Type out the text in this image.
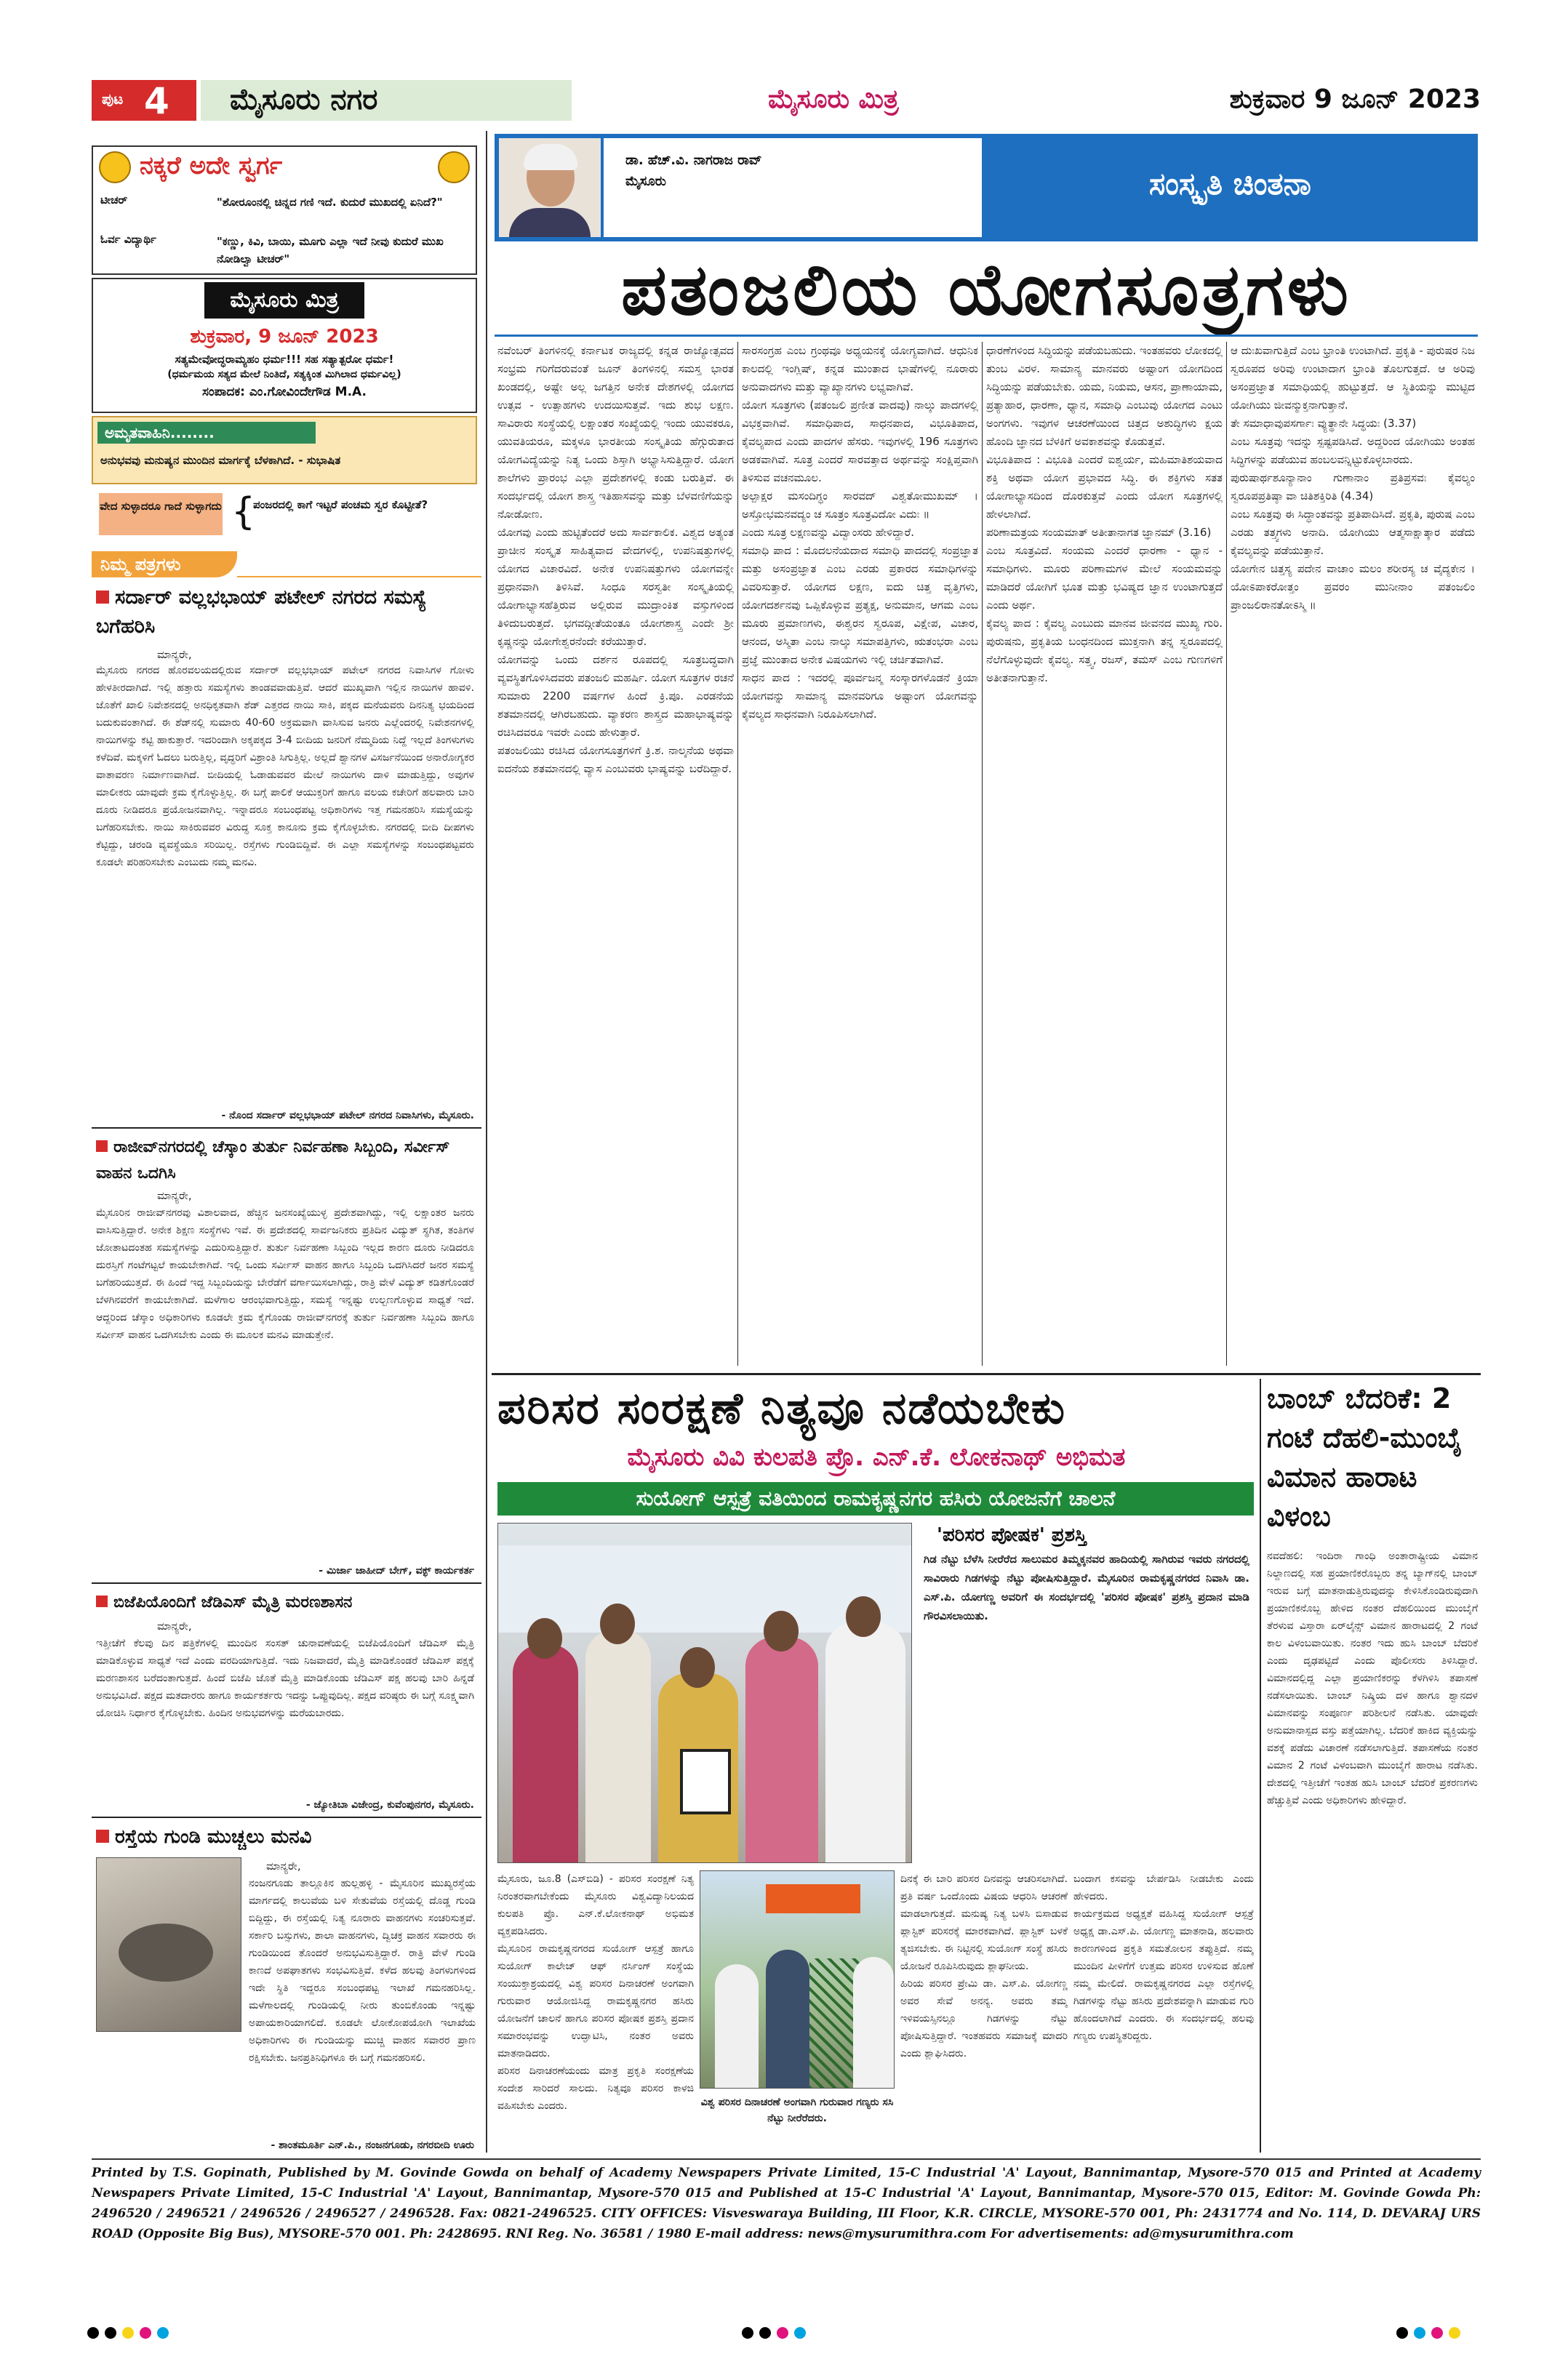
ಪುಟ 4 ಮೈಸೂರು ನಗರ	ಮೈಸೂರು ಮಿತ್ರ	ಶುಕ್ರವಾರ 9 ಜೂನ್ 2023
ನಕ್ಕರೆ ಅದೇ ಸ್ವರ್ಗ
ಟೀಚರ್	"ಶೋರೂಂನಲ್ಲಿ ಚಿನ್ನದ ಗಣಿ ಇದೆ. ಕುದುರೆ ಮುಖದಲ್ಲಿ ಏನಿದೆ?"
ಓರ್ವ ವಿದ್ಯಾರ್ಥಿ	"ಕಣ್ಣು, ಕಿವಿ, ಬಾಯಿ, ಮೂಗು ಎಲ್ಲಾ ಇದೆ ನೀವು ಕುದುರೆ ಮುಖ ನೋಡಿಲ್ವಾ ಟೀಚರ್"
ಮೈಸೂರು ಮಿತ್ರ
ಶುಕ್ರವಾರ, 9 ಜೂನ್ 2023
ಸತ್ಯಮೇವೋದ್ಧರಾಮ್ಯಹಂ ಧರ್ಮ!!! ಸಹ ಸತ್ಯಾತ್ಪರೋ ಧರ್ಮ!
(ಧರ್ಮಮಯ ಸತ್ಯದ ಮೇಲೆ ನಿಂತಿದೆ, ಸತ್ಯಕ್ಕಿಂತ ಮಿಗಿಲಾದ ಧರ್ಮವಿಲ್ಲ)
ಸಂಪಾದಕ: ಎಂ.ಗೋವಿಂದೇಗೌಡ M.A.
ಅಮೃತವಾಹಿನಿ........
ಅನುಭವವು ಮನುಷ್ಯನ ಮುಂದಿನ ಮಾರ್ಗಕ್ಕೆ ಬೆಳಕಾಗಿದೆ. - ಸುಭಾಷಿತ
ವೇದ ಸುಳ್ಳಾದರೂ ಗಾದೆ ಸುಳ್ಳಾಗದು {
ಪಂಜರದಲ್ಲಿ ಕಾಗೆ ಇಟ್ಟರೆ ಪಂಚಮ ಸ್ವರ ಕೊಟ್ಟೀತೆ?
ನಿಮ್ಮ ಪತ್ರಗಳು
ಸರ್ದಾರ್ ವಲ್ಲಭಭಾಯ್ ಪಟೇಲ್ ನಗರದ ಸಮಸ್ಯೆ ಬಗೆಹರಿಸಿ
ಮಾನ್ಯರೇ,
ಮೈಸೂರು ನಗರದ ಹೊರವಲಯದಲ್ಲಿರುವ ಸರ್ದಾರ್ ವಲ್ಲಭಭಾಯ್ ಪಟೇಲ್ ನಗರದ ನಿವಾಸಿಗಳ ಗೋಳು ಹೇಳತೀರದಾಗಿದೆ. ಇಲ್ಲಿ ಹತ್ತಾರು ಸಮಸ್ಯೆಗಳು ತಾಂಡವವಾಡುತ್ತಿವೆ. ಆದರೆ ಮುಖ್ಯವಾಗಿ ಇಲ್ಲಿನ ನಾಯಿಗಳ ಹಾವಳಿ. ಜೊತೆಗೆ ಖಾಲಿ ನಿವೇಶನದಲ್ಲಿ ಅನಧಿಕೃತವಾಗಿ ಶೆಡ್ ಎತ್ತರದ ನಾಯಿ ಸಾಕಿ, ಪಕ್ಕದ ಮನೆಯವರು ದಿನನಿತ್ಯ ಭಯದಿಂದ ಬದುಕುವಂತಾಗಿದೆ. ಈ ಶೆಡ್‌ನಲ್ಲಿ ಸುಮಾರು 40-60 ಅಕ್ರಮವಾಗಿ ವಾಸಿಸುವ ಜನರು ಎಲ್ಲೆಂದರಲ್ಲಿ ನಿವೇಶನಗಳಲ್ಲಿ ನಾಯಿಗಳನ್ನು ಕಟ್ಟಿ ಹಾಕುತ್ತಾರೆ. ಇದರಿಂದಾಗಿ ಅಕ್ಕಪಕ್ಕದ 3-4 ಬೀದಿಯ ಜನರಿಗೆ ನೆಮ್ಮದಿಯ ನಿದ್ದೆ ಇಲ್ಲದೆ ತಿಂಗಳುಗಳು ಕಳೆದಿವೆ. ಮಕ್ಕಳಿಗೆ ಓದಲು ಬರುತ್ತಿಲ್ಲ, ವೃದ್ಧರಿಗೆ ವಿಶ್ರಾಂತಿ ಸಿಗುತ್ತಿಲ್ಲ. ಅಲ್ಲದೆ ಶ್ವಾನಗಳ ವಿಸರ್ಜನೆಯಿಂದ ಅನಾರೋಗ್ಯಕರ ವಾತಾವರಣ ನಿರ್ಮಾಣವಾಗಿದೆ. ಬೀದಿಯಲ್ಲಿ ಓಡಾಡುವವರ ಮೇಲೆ ನಾಯಿಗಳು ದಾಳಿ ಮಾಡುತ್ತಿದ್ದು, ಅವುಗಳ ಮಾಲೀಕರು ಯಾವುದೇ ಕ್ರಮ ಕೈಗೊಳ್ಳುತ್ತಿಲ್ಲ. ಈ ಬಗ್ಗೆ ಪಾಲಿಕೆ ಆಯುಕ್ತರಿಗೆ ಹಾಗೂ ವಲಯ ಕಚೇರಿಗೆ ಹಲವಾರು ಬಾರಿ ದೂರು ನೀಡಿದರೂ ಪ್ರಯೋಜನವಾಗಿಲ್ಲ. ಇನ್ನಾದರೂ ಸಂಬಂಧಪಟ್ಟ ಅಧಿಕಾರಿಗಳು ಇತ್ತ ಗಮನಹರಿಸಿ ಸಮಸ್ಯೆಯನ್ನು ಬಗೆಹರಿಸಬೇಕು. ನಾಯಿ ಸಾಕಿರುವವರ ವಿರುದ್ಧ ಸೂಕ್ತ ಕಾನೂನು ಕ್ರಮ ಕೈಗೊಳ್ಳಬೇಕು. ನಗರದಲ್ಲಿ ಬೀದಿ ದೀಪಗಳು ಕೆಟ್ಟಿದ್ದು, ಚರಂಡಿ ವ್ಯವಸ್ಥೆಯೂ ಸರಿಯಿಲ್ಲ. ರಸ್ತೆಗಳು ಗುಂಡಿಬಿದ್ದಿವೆ. ಈ ಎಲ್ಲಾ ಸಮಸ್ಯೆಗಳನ್ನು ಸಂಬಂಧಪಟ್ಟವರು ಕೂಡಲೇ ಪರಿಹರಿಸಬೇಕು ಎಂಬುದು ನಮ್ಮ ಮನವಿ.
- ನೊಂದ ಸರ್ದಾರ್ ವಲ್ಲಭಭಾಯ್ ಪಟೇಲ್ ನಗರದ ನಿವಾಸಿಗಳು, ಮೈಸೂರು.
ರಾಜೀವ್‌ನಗರದಲ್ಲಿ ಚೆಸ್ಕಾಂ ತುರ್ತು ನಿರ್ವಹಣಾ ಸಿಬ್ಬಂದಿ, ಸರ್ವೀಸ್ ವಾಹನ ಒದಗಿಸಿ
ಮಾನ್ಯರೇ,
ಮೈಸೂರಿನ ರಾಜೀವ್‌ನಗರವು ವಿಶಾಲವಾದ, ಹೆಚ್ಚಿನ ಜನಸಂಖ್ಯೆಯುಳ್ಳ ಪ್ರದೇಶವಾಗಿದ್ದು, ಇಲ್ಲಿ ಲಕ್ಷಾಂತರ ಜನರು ವಾಸಿಸುತ್ತಿದ್ದಾರೆ. ಅನೇಕ ಶಿಕ್ಷಣ ಸಂಸ್ಥೆಗಳು ಇವೆ. ಈ ಪ್ರದೇಶದಲ್ಲಿ ಸಾರ್ವಜನಿಕರು ಪ್ರತಿದಿನ ವಿದ್ಯುತ್ ಸ್ಥಗಿತ, ತಂತಿಗಳ ಜೋತಾಟದಂತಹ ಸಮಸ್ಯೆಗಳನ್ನು ಎದುರಿಸುತ್ತಿದ್ದಾರೆ. ತುರ್ತು ನಿರ್ವಹಣಾ ಸಿಬ್ಬಂದಿ ಇಲ್ಲದ ಕಾರಣ ದೂರು ನೀಡಿದರೂ ದುರಸ್ತಿಗೆ ಗಂಟೆಗಟ್ಟಲೆ ಕಾಯಬೇಕಾಗಿದೆ. ಇಲ್ಲಿ ಒಂದು ಸರ್ವೀಸ್ ವಾಹನ ಹಾಗೂ ಸಿಬ್ಬಂದಿ ಒದಗಿಸಿದರೆ ಜನರ ಸಮಸ್ಯೆ ಬಗೆಹರಿಯುತ್ತದೆ. ಈ ಹಿಂದೆ ಇದ್ದ ಸಿಬ್ಬಂದಿಯನ್ನು ಬೇರೆಡೆಗೆ ವರ್ಗಾಯಿಸಲಾಗಿದ್ದು, ರಾತ್ರಿ ವೇಳೆ ವಿದ್ಯುತ್ ಕಡಿತಗೊಂಡರೆ ಬೆಳಗಿನವರೆಗೆ ಕಾಯಬೇಕಾಗಿದೆ. ಮಳೆಗಾಲ ಆರಂಭವಾಗುತ್ತಿದ್ದು, ಸಮಸ್ಯೆ ಇನ್ನಷ್ಟು ಉಲ್ಬಣಗೊಳ್ಳುವ ಸಾಧ್ಯತೆ ಇದೆ. ಆದ್ದರಿಂದ ಚೆಸ್ಕಾಂ ಅಧಿಕಾರಿಗಳು ಕೂಡಲೇ ಕ್ರಮ ಕೈಗೊಂಡು ರಾಜೀವ್‌ನಗರಕ್ಕೆ ತುರ್ತು ನಿರ್ವಹಣಾ ಸಿಬ್ಬಂದಿ ಹಾಗೂ ಸರ್ವೀಸ್ ವಾಹನ ಒದಗಿಸಬೇಕು ಎಂದು ಈ ಮೂಲಕ ಮನವಿ ಮಾಡುತ್ತೇನೆ.
- ಮಿರ್ಜಾ ಜಾಹೀದ್ ಬೇಗ್, ವಕ್ಫ್ ಕಾರ್ಯಕರ್ತ
ಬಿಜೆಪಿಯೊಂದಿಗೆ ಜೆಡಿಎಸ್ ಮೈತ್ರಿ ಮರಣಶಾಸನ
ಮಾನ್ಯರೇ,
ಇತ್ತೀಚೆಗೆ ಕೆಲವು ದಿನ ಪತ್ರಿಕೆಗಳಲ್ಲಿ ಮುಂದಿನ ಸಂಸತ್ ಚುನಾವಣೆಯಲ್ಲಿ ಬಿಜೆಪಿಯೊಂದಿಗೆ ಜೆಡಿಎಸ್ ಮೈತ್ರಿ ಮಾಡಿಕೊಳ್ಳುವ ಸಾಧ್ಯತೆ ಇದೆ ಎಂದು ವರದಿಯಾಗುತ್ತಿದೆ. ಇದು ನಿಜವಾದರೆ, ಮೈತ್ರಿ ಮಾಡಿಕೊಂಡರೆ ಜೆಡಿಎಸ್ ಪಕ್ಷಕ್ಕೆ ಮರಣಶಾಸನ ಬರೆದಂತಾಗುತ್ತದೆ. ಹಿಂದೆ ಬಿಜೆಪಿ ಜೊತೆ ಮೈತ್ರಿ ಮಾಡಿಕೊಂಡು ಜೆಡಿಎಸ್ ಪಕ್ಷ ಹಲವು ಬಾರಿ ಹಿನ್ನಡೆ ಅನುಭವಿಸಿದೆ. ಪಕ್ಷದ ಮತದಾರರು ಹಾಗೂ ಕಾರ್ಯಕರ್ತರು ಇದನ್ನು ಒಪ್ಪುವುದಿಲ್ಲ. ಪಕ್ಷದ ವರಿಷ್ಠರು ಈ ಬಗ್ಗೆ ಸೂಕ್ಷ್ಮವಾಗಿ ಯೋಚಿಸಿ ನಿರ್ಧಾರ ಕೈಗೊಳ್ಳಬೇಕು. ಹಿಂದಿನ ಅನುಭವಗಳನ್ನು ಮರೆಯಬಾರದು.
- ಜ್ಯೋತಿಬಾ ವಿಜೇಂದ್ರ, ಕುವೆಂಪುನಗರ, ಮೈಸೂರು.
ರಸ್ತೆಯ ಗುಂಡಿ ಮುಚ್ಚಲು ಮನವಿ
ಮಾನ್ಯರೇ,
ನಂಜನಗೂಡು ತಾಲ್ಲೂಕಿನ ಹುಲ್ಲಹಳ್ಳಿ - ಮೈಸೂರಿನ ಮುಖ್ಯರಸ್ತೆಯ ಮಾರ್ಗದಲ್ಲಿ ಕಾಲುವೆಯ ಬಳಿ ಸೇತುವೆಯ ರಸ್ತೆಯಲ್ಲಿ ದೊಡ್ಡ ಗುಂಡಿ ಬಿದ್ದಿದ್ದು, ಈ ರಸ್ತೆಯಲ್ಲಿ ನಿತ್ಯ ನೂರಾರು ವಾಹನಗಳು ಸಂಚರಿಸುತ್ತವೆ. ಸರ್ಕಾರಿ ಬಸ್ಸುಗಳು, ಶಾಲಾ ವಾಹನಗಳು, ದ್ವಿಚಕ್ರ ವಾಹನ ಸವಾರರು ಈ ಗುಂಡಿಯಿಂದ ತೊಂದರೆ ಅನುಭವಿಸುತ್ತಿದ್ದಾರೆ. ರಾತ್ರಿ ವೇಳೆ ಗುಂಡಿ ಕಾಣದೆ ಅಪಘಾತಗಳು ಸಂಭವಿಸುತ್ತಿವೆ. ಕಳೆದ ಹಲವು ತಿಂಗಳುಗಳಿಂದ ಇದೇ ಸ್ಥಿತಿ ಇದ್ದರೂ ಸಂಬಂಧಪಟ್ಟ ಇಲಾಖೆ ಗಮನಹರಿಸಿಲ್ಲ. ಮಳೆಗಾಲದಲ್ಲಿ ಗುಂಡಿಯಲ್ಲಿ ನೀರು ತುಂಬಿಕೊಂಡು ಇನ್ನಷ್ಟು ಅಪಾಯಕಾರಿಯಾಗಲಿದೆ. ಕೂಡಲೇ ಲೋಕೋಪಯೋಗಿ ಇಲಾಖೆಯ ಅಧಿಕಾರಿಗಳು ಈ ಗುಂಡಿಯನ್ನು ಮುಚ್ಚಿ ವಾಹನ ಸವಾರರ ಪ್ರಾಣ ರಕ್ಷಿಸಬೇಕು. ಜನಪ್ರತಿನಿಧಿಗಳೂ ಈ ಬಗ್ಗೆ ಗಮನಹರಿಸಲಿ.
- ಶಾಂತಮೂರ್ತಿ ಎನ್.ಪಿ., ನಂಜನಗೂಡು, ನಗರಬೀದಿ ಊರು
ಡಾ. ಹೆಚ್.ವಿ. ನಾಗರಾಜ ರಾವ್
ಮೈಸೂರು	ಸಂಸ್ಕೃತಿ ಚಿಂತನಾ
ಪತಂಜಲಿಯ ಯೋಗಸೂತ್ರಗಳು
ನವೆಂಬರ್ ತಿಂಗಳಿನಲ್ಲಿ ಕರ್ನಾಟಕ ರಾಜ್ಯದಲ್ಲಿ ಕನ್ನಡ ರಾಜ್ಯೋತ್ಸವದ ಸಂಭ್ರಮ ಗರಿಗೆದರುವಂತೆ ಜೂನ್ ತಿಂಗಳಿನಲ್ಲಿ ಸಮಸ್ತ ಭಾರತ ಖಂಡದಲ್ಲಿ, ಅಷ್ಟೇ ಅಲ್ಲ ಜಗತ್ತಿನ ಅನೇಕ ದೇಶಗಳಲ್ಲಿ ಯೋಗದ ಉತ್ಸವ - ಉತ್ಸಾಹಗಳು ಉದಯಿಸುತ್ತವೆ. ಇದು ಶುಭ ಲಕ್ಷಣ. ಸಾವಿರಾರು ಸಂಸ್ಥೆಯಲ್ಲಿ ಲಕ್ಷಾಂತರ ಸಂಖ್ಯೆಯಲ್ಲಿ ಇಂದು ಯುವಕರೂ, ಯುವತಿಯರೂ, ಮಕ್ಕಳೂ ಭಾರತೀಯ ಸಂಸ್ಕೃತಿಯ ಹೆಗ್ಗುರುತಾದ ಯೋಗವಿದ್ಯೆಯನ್ನು ನಿತ್ಯ ಒಂದು ಶಿಸ್ತಾಗಿ ಅಭ್ಯಾಸಿಸುತ್ತಿದ್ದಾರೆ. ಯೋಗ ಶಾಲೆಗಳು ಪ್ರಾರಂಭ ಎಲ್ಲಾ ಪ್ರದೇಶಗಳಲ್ಲಿ ಕಂಡು ಬರುತ್ತಿವೆ. ಈ ಸಂದರ್ಭದಲ್ಲಿ ಯೋಗ ಶಾಸ್ತ್ರ ಇತಿಹಾಸವನ್ನು ಮತ್ತು ಬೆಳವಣಿಗೆಯನ್ನು ನೋಡೋಣ.
ಯೋಗವು ಎಂದು ಹುಟ್ಟಿತೆಂದರೆ ಅದು ಸಾರ್ವಕಾಲಿಕ. ವಿಶ್ವದ ಅತ್ಯಂತ ಪ್ರಾಚೀನ ಸಂಸ್ಕೃತ ಸಾಹಿತ್ಯವಾದ ವೇದಗಳಲ್ಲಿ, ಉಪನಿಷತ್ತುಗಳಲ್ಲಿ ಯೋಗದ ವಿಚಾರವಿದೆ. ಅನೇಕ ಉಪನಿಷತ್ತುಗಳು ಯೋಗವನ್ನೇ ಪ್ರಧಾನವಾಗಿ ತಿಳಿಸಿವೆ. ಸಿಂಧೂ ಸರಸ್ವತೀ ಸಂಸ್ಕೃತಿಯಲ್ಲಿ ಯೋಗಾಭ್ಯಾಸಹೆತ್ತಿರುವ ಅಲ್ಲಿರುವ ಮುದ್ರಾಂಕಿತ ವಸ್ತುಗಳಿಂದ ತಿಳಿದುಬರುತ್ತದೆ. ಭಗವದ್ಗೀತೆಯಂತೂ ಯೋಗಶಾಸ್ತ್ರ ಎಂದೇ ಶ್ರೀ ಕೃಷ್ಣನನ್ನು ಯೋಗೇಶ್ವರನೆಂದೇ ಕರೆಯುತ್ತಾರೆ.
ಯೋಗವನ್ನು ಒಂದು ದರ್ಶನ ರೂಪದಲ್ಲಿ ಸೂತ್ರಬದ್ಧವಾಗಿ ವ್ಯವಸ್ಥಿತಗೊಳಿಸಿದವರು ಪತಂಜಲಿ ಮಹರ್ಷಿ. ಯೋಗ ಸೂತ್ರಗಳ ರಚನೆ ಸುಮಾರು 2200 ವರ್ಷಗಳ ಹಿಂದೆ ಕ್ರಿ.ಪೂ. ಎರಡನೆಯ ಶತಮಾನದಲ್ಲಿ ಆಗಿರಬಹುದು. ವ್ಯಾಕರಣ ಶಾಸ್ತ್ರದ ಮಹಾಭಾಷ್ಯವನ್ನು ರಚಿಸಿದವರೂ ಇವರೇ ಎಂದು ಹೇಳುತ್ತಾರೆ.
ಪತಂಜಲಿಯು ರಚಿಸಿದ ಯೋಗಸೂತ್ರಗಳಿಗೆ ಕ್ರಿ.ಶ. ನಾಲ್ಕನೆಯ ಅಥವಾ ಐದನೆಯ ಶತಮಾನದಲ್ಲಿ ವ್ಯಾಸ ಎಂಬುವರು ಭಾಷ್ಯವನ್ನು ಬರೆದಿದ್ದಾರೆ.
ಸಾರಸಂಗ್ರಹ ಎಂಬ ಗ್ರಂಥವೂ ಅಧ್ಯಯನಕ್ಕೆ ಯೋಗ್ಯವಾಗಿದೆ. ಆಧುನಿಕ ಕಾಲದಲ್ಲಿ ಇಂಗ್ಲಿಷ್, ಕನ್ನಡ ಮುಂತಾದ ಭಾಷೆಗಳಲ್ಲಿ ನೂರಾರು ಅನುವಾದಗಳು ಮತ್ತು ವ್ಯಾಖ್ಯಾನಗಳು ಲಭ್ಯವಾಗಿವೆ.
ಯೋಗ ಸೂತ್ರಗಳು (ಪತಂಜಲಿ ಪ್ರಣೀತ ವಾದವು) ನಾಲ್ಕು ಪಾದಗಳಲ್ಲಿ ವಿಭಕ್ತವಾಗಿವೆ. ಸಮಾಧಿಪಾದ, ಸಾಧನಪಾದ, ವಿಭೂತಿಪಾದ, ಕೈವಲ್ಯಪಾದ ಎಂದು ಪಾದಗಳ ಹೆಸರು. ಇವುಗಳಲ್ಲಿ 196 ಸೂತ್ರಗಳು ಅಡಕವಾಗಿವೆ. ಸೂತ್ರ ಎಂದರೆ ಸಾರವತ್ತಾದ ಅರ್ಥವನ್ನು ಸಂಕ್ಷಿಪ್ತವಾಗಿ ತಿಳಿಸುವ ವಚನಮೂಲ.
ಅಲ್ಪಾಕ್ಷರ ಮಸಂದಿಗ್ಧಂ ಸಾರವದ್ ವಿಶ್ವತೋಮುಖಮ್ । ಅಸ್ತೋಭಮನವದ್ಯಂ ಚ ಸೂತ್ರಂ ಸೂತ್ರವಿದೋ ವಿದುಃ ॥
ಎಂದು ಸೂತ್ರ ಲಕ್ಷಣವನ್ನು ವಿದ್ವಾಂಸರು ಹೇಳಿದ್ದಾರೆ.
ಸಮಾಧಿ ಪಾದ : ಮೊದಲನೆಯದಾದ ಸಮಾಧಿ ಪಾದದಲ್ಲಿ ಸಂಪ್ರಜ್ಞಾತ ಮತ್ತು ಅಸಂಪ್ರಜ್ಞಾತ ಎಂಬ ಎರಡು ಪ್ರಕಾರದ ಸಮಾಧಿಗಳನ್ನು ವಿವರಿಸುತ್ತಾರೆ. ಯೋಗದ ಲಕ್ಷಣ, ಐದು ಚಿತ್ತ ವೃತ್ತಿಗಳು, ಯೋಗದರ್ಶನವು ಒಪ್ಪಿಕೊಳ್ಳುವ ಪ್ರತ್ಯಕ್ಷ, ಅನುಮಾನ, ಆಗಮ ಎಂಬ ಮೂರು ಪ್ರಮಾಣಗಳು, ಈಶ್ವರನ ಸ್ವರೂಪ, ವಿಕ್ಷೇಪ, ವಿಚಾರ, ಆನಂದ, ಅಸ್ಮಿತಾ ಎಂಬ ನಾಲ್ಕು ಸಮಾಪತ್ತಿಗಳು, ಋತಂಭರಾ ಎಂಬ ಪ್ರಜ್ಞೆ ಮುಂತಾದ ಅನೇಕ ವಿಷಯಗಳು ಇಲ್ಲಿ ಚರ್ಚಿತವಾಗಿವೆ.
ಸಾಧನ ಪಾದ : ಇದರಲ್ಲಿ ಪೂರ್ವಜನ್ಮ ಸಂಸ್ಕಾರಗಳೊಡನೆ ಕ್ರಿಯಾ ಯೋಗವನ್ನು ಸಾಮಾನ್ಯ ಮಾನವರಿಗೂ ಅಷ್ಟಾಂಗ ಯೋಗವನ್ನು ಕೈವಲ್ಯದ ಸಾಧನವಾಗಿ ನಿರೂಪಿಸಲಾಗಿದೆ.
ಧಾರಣೆಗಳಿಂದ ಸಿದ್ಧಿಯನ್ನು ಪಡೆಯಬಹುದು. ಇಂತಹವರು ಲೋಕದಲ್ಲಿ ತುಂಬ ವಿರಳ. ಸಾಮಾನ್ಯ ಮಾನವರು ಅಷ್ಟಾಂಗ ಯೋಗದಿಂದ ಸಿದ್ಧಿಯನ್ನು ಪಡೆಯಬೇಕು. ಯಮ, ನಿಯಮ, ಆಸನ, ಪ್ರಾಣಾಯಾಮ, ಪ್ರತ್ಯಾಹಾರ, ಧಾರಣಾ, ಧ್ಯಾನ, ಸಮಾಧಿ ಎಂಬುವು ಯೋಗದ ಎಂಟು ಅಂಗಗಳು. ಇವುಗಳ ಆಚರಣೆಯಿಂದ ಚಿತ್ತದ ಅಶುದ್ಧಿಗಳು ಕ್ಷಯ ಹೊಂದಿ ಜ್ಞಾನದ ಬೆಳಕಿಗೆ ಅವಕಾಶವನ್ನು ಕೊಡುತ್ತವೆ.
ವಿಭೂತಿಪಾದ : ವಿಭೂತಿ ಎಂದರೆ ಐಶ್ವರ್ಯ, ಮಹಿಮಾತಿಶಯವಾದ ಶಕ್ತಿ ಅಥವಾ ಯೋಗ ಪ್ರಭಾವದ ಸಿದ್ಧಿ. ಈ ಶಕ್ತಿಗಳು ಸತತ ಯೋಗಾಭ್ಯಾಸದಿಂದ ದೊರಕುತ್ತವೆ ಎಂದು ಯೋಗ ಸೂತ್ರಗಳಲ್ಲಿ ಹೇಳಲಾಗಿದೆ.
ಪರಿಣಾಮತ್ರಯ ಸಂಯಮಾತ್ ಅತೀತಾನಾಗತ ಜ್ಞಾನಮ್ (3.16)
ಎಂಬ ಸೂತ್ರವಿದೆ. ಸಂಯಮ ಎಂದರೆ ಧಾರಣಾ - ಧ್ಯಾನ - ಸಮಾಧಿಗಳು. ಮೂರು ಪರಿಣಾಮಗಳ ಮೇಲೆ ಸಂಯಮವನ್ನು ಮಾಡಿದರೆ ಯೋಗಿಗೆ ಭೂತ ಮತ್ತು ಭವಿಷ್ಯದ ಜ್ಞಾನ ಉಂಟಾಗುತ್ತದೆ ಎಂದು ಅರ್ಥ.
ಕೈವಲ್ಯ ಪಾದ : ಕೈವಲ್ಯ ಎಂಬುದು ಮಾನವ ಜೀವನದ ಮುಖ್ಯ ಗುರಿ. ಪುರುಷನು, ಪ್ರಕೃತಿಯ ಬಂಧನದಿಂದ ಮುಕ್ತನಾಗಿ ತನ್ನ ಸ್ವರೂಪದಲ್ಲಿ ನೆಲೆಗೊಳ್ಳುವುದೇ ಕೈವಲ್ಯ. ಸತ್ತ್ವ, ರಜಸ್, ತಮಸ್ ಎಂಬ ಗುಣಗಳಿಗೆ ಅತೀತನಾಗುತ್ತಾನೆ.
ಆ ದುಃಖವಾಗುತ್ತಿದೆ ಎಂಬ ಭ್ರಾಂತಿ ಉಂಟಾಗಿದೆ. ಪ್ರಕೃತಿ - ಪುರುಷರ ನಿಜ ಸ್ವರೂಪದ ಅರಿವು ಉಂಟಾದಾಗ ಭ್ರಾಂತಿ ತೊಲಗುತ್ತದೆ. ಆ ಅರಿವು ಅಸಂಪ್ರಜ್ಞಾತ ಸಮಾಧಿಯಲ್ಲಿ ಹುಟ್ಟುತ್ತದೆ. ಆ ಸ್ಥಿತಿಯನ್ನು ಮುಟ್ಟಿದ ಯೋಗಿಯು ಜೀವನ್ಮುಕ್ತನಾಗುತ್ತಾನೆ.
ತೇ ಸಮಾಧಾವುಪಸರ್ಗಾಃ ವ್ಯುತ್ಥಾನೇ ಸಿದ್ಧಯಃ (3.37)
ಎಂಬ ಸೂತ್ರವು ಇದನ್ನು ಸ್ಪಷ್ಟಪಡಿಸಿದೆ. ಅದ್ದರಿಂದ ಯೋಗಿಯು ಅಂತಹ ಸಿದ್ಧಿಗಳನ್ನು ಪಡೆಯುವ ಹಂಬಲವನ್ನಿಟ್ಟುಕೊಳ್ಳಬಾರದು.
ಪುರುಷಾರ್ಥಶೂನ್ಯಾನಾಂ ಗುಣಾನಾಂ ಪ್ರತಿಪ್ರಸವಃ ಕೈವಲ್ಯಂ ಸ್ವರೂಪಪ್ರತಿಷ್ಠಾ ವಾ ಚಿತಿಶಕ್ತಿರಿತಿ (4.34)
ಎಂಬ ಸೂತ್ರವು ಈ ಸಿದ್ಧಾಂತವನ್ನು ಪ್ರತಿಪಾದಿಸಿದೆ. ಪ್ರಕೃತಿ, ಪುರುಷ ಎಂಬ ಎರಡು ತತ್ತ್ವಗಳು ಅನಾದಿ. ಯೋಗಿಯು ಆತ್ಮಸಾಕ್ಷಾತ್ಕಾರ ಪಡೆದು ಕೈವಲ್ಯವನ್ನು ಪಡೆಯುತ್ತಾನೆ.
ಯೋಗೇನ ಚಿತ್ತಸ್ಯ ಪದೇನ ವಾಚಾಂ ಮಲಂ ಶರೀರಸ್ಯ ಚ ವೈದ್ಯಕೇನ । ಯೋಽಪಾಕರೋತ್ತಂ ಪ್ರವರಂ ಮುನೀನಾಂ ಪತಂಜಲಿಂ ಪ್ರಾಂಜಲಿರಾನತೋಽಸ್ಮಿ ॥
ಪರಿಸರ ಸಂರಕ್ಷಣೆ ನಿತ್ಯವೂ ನಡೆಯಬೇಕು
ಮೈಸೂರು ವಿವಿ ಕುಲಪತಿ ಪ್ರೊ. ಎನ್.ಕೆ. ಲೋಕನಾಥ್ ಅಭಿಮತ
ಸುಯೋಗ್ ಆಸ್ಪತ್ರೆ ವತಿಯಿಂದ ರಾಮಕೃಷ್ಣನಗರ ಹಸಿರು ಯೋಜನೆಗೆ ಚಾಲನೆ
'ಪರಿಸರ ಪೋಷಕ' ಪ್ರಶಸ್ತಿ
ಗಿಡ ನೆಟ್ಟು ಬೆಳೆಸಿ ನೀರೆರೆದ ಸಾಲುಮರ ತಿಮ್ಮಕ್ಕನವರ ಹಾದಿಯಲ್ಲಿ ಸಾಗಿರುವ ಇವರು ನಗರದಲ್ಲಿ ಸಾವಿರಾರು ಗಿಡಗಳನ್ನು ನೆಟ್ಟು ಪೋಷಿಸುತ್ತಿದ್ದಾರೆ. ಮೈಸೂರಿನ ರಾಮಕೃಷ್ಣನಗರದ ನಿವಾಸಿ ಡಾ. ಎಸ್.ಪಿ. ಯೋಗಣ್ಣ ಅವರಿಗೆ ಈ ಸಂದರ್ಭದಲ್ಲಿ 'ಪರಿಸರ ಪೋಷಕ' ಪ್ರಶಸ್ತಿ ಪ್ರದಾನ ಮಾಡಿ ಗೌರವಿಸಲಾಯಿತು.
ಮೈಸೂರು, ಜೂ.8 (ಎಸ್‌ಬಿಡಿ) - ಪರಿಸರ ಸಂರಕ್ಷಣೆ ನಿತ್ಯ ನಿರಂತರವಾಗಬೇಕೆಂದು ಮೈಸೂರು ವಿಶ್ವವಿದ್ಯಾನಿಲಯದ ಕುಲಪತಿ ಪ್ರೊ. ಎನ್.ಕೆ.ಲೋಕನಾಥ್ ಅಭಿಮತ ವ್ಯಕ್ತಪಡಿಸಿದರು.
ಮೈಸೂರಿನ ರಾಮಕೃಷ್ಣನಗರದ ಸುಯೋಗ್ ಆಸ್ಪತ್ರೆ ಹಾಗೂ ಸುಯೋಗ್ ಕಾಲೇಜ್ ಆಫ್ ನರ್ಸಿಂಗ್ ಸಂಸ್ಥೆಯ ಸಂಯುಕ್ತಾಶ್ರಯದಲ್ಲಿ ವಿಶ್ವ ಪರಿಸರ ದಿನಾಚರಣೆ ಅಂಗವಾಗಿ ಗುರುವಾರ ಆಯೋಜಿಸಿದ್ದ ರಾಮಕೃಷ್ಣನಗರ ಹಸಿರು ಯೋಜನೆಗೆ ಚಾಲನೆ ಹಾಗೂ ಪರಿಸರ ಪೋಷಕ ಪ್ರಶಸ್ತಿ ಪ್ರದಾನ ಸಮಾರಂಭವನ್ನು ಉದ್ಘಾಟಿಸಿ, ನಂತರ ಅವರು ಮಾತನಾಡಿದರು.
ಪರಿಸರ ದಿನಾಚರಣೆಯಂದು ಮಾತ್ರ ಪ್ರಕೃತಿ ಸಂರಕ್ಷಣೆಯ ಸಂದೇಶ ಸಾರಿದರೆ ಸಾಲದು. ನಿತ್ಯವೂ ಪರಿಸರ ಕಾಳಜಿ ವಹಿಸಬೇಕು ಎಂದರು.	ವಿಶ್ವ ಪರಿಸರ ದಿನಾಚರಣೆ ಅಂಗವಾಗಿ ಗುರುವಾರ ಗಣ್ಯರು ಸಸಿ ನೆಟ್ಟು ನೀರೆರೆದರು.
ದಿನಕ್ಕೆ ಈ ಬಾರಿ ಪರಿಸರ ದಿನವನ್ನು ಆಚರಿಸಲಾಗಿದೆ. ಪ್ರತಿ ವರ್ಷ ಒಂದೊಂದು ವಿಷಯ ಆಧರಿಸಿ ಆಚರಣೆ ಮಾಡಲಾಗುತ್ತದೆ. ಮನುಷ್ಯ ನಿತ್ಯ ಬಳಸಿ ಬಿಸಾಡುವ ಪ್ಲಾಸ್ಟಿಕ್ ಪರಿಸರಕ್ಕೆ ಮಾರಕವಾಗಿದೆ. ಪ್ಲಾಸ್ಟಿಕ್ ಬಳಕೆ ತ್ಯಜಿಸಬೇಕು. ಈ ನಿಟ್ಟಿನಲ್ಲಿ ಸುಯೋಗ್ ಸಂಸ್ಥೆ ಹಸಿರು ಯೋಜನೆ ರೂಪಿಸಿರುವುದು ಶ್ಲಾಘನೀಯ.
ಹಿರಿಯ ಪರಿಸರ ಪ್ರೇಮಿ ಡಾ. ಎಸ್.ಪಿ. ಯೋಗಣ್ಣ ಅವರ ಸೇವೆ ಅನನ್ಯ. ಅವರು ತಮ್ಮ ಇಳಿವಯಸ್ಸಿನಲ್ಲೂ ಗಿಡಗಳನ್ನು ನೆಟ್ಟು ಪೋಷಿಸುತ್ತಿದ್ದಾರೆ. ಇಂತಹವರು ಸಮಾಜಕ್ಕೆ ಮಾದರಿ ಎಂದು ಶ್ಲಾಘಿಸಿದರು.
ಬಂದಾಗ ಕಸವನ್ನು ಬೇರ್ಪಡಿಸಿ ನೀಡಬೇಕು ಎಂದು ಹೇಳಿದರು.
ಕಾರ್ಯಕ್ರಮದ ಅಧ್ಯಕ್ಷತೆ ವಹಿಸಿದ್ದ ಸುಯೋಗ್ ಆಸ್ಪತ್ರೆ ಅಧ್ಯಕ್ಷ ಡಾ.ಎಸ್.ಪಿ. ಯೋಗಣ್ಣ ಮಾತನಾಡಿ, ಹಲವಾರು ಕಾರಣಗಳಿಂದ ಪ್ರಕೃತಿ ಸಮತೋಲನ ತಪ್ಪುತ್ತಿದೆ. ನಮ್ಮ ಮುಂದಿನ ಪೀಳಿಗೆಗೆ ಉತ್ತಮ ಪರಿಸರ ಉಳಿಸುವ ಹೊಣೆ ನಮ್ಮ ಮೇಲಿದೆ. ರಾಮಕೃಷ್ಣನಗರದ ಎಲ್ಲಾ ರಸ್ತೆಗಳಲ್ಲಿ ಗಿಡಗಳನ್ನು ನೆಟ್ಟು ಹಸಿರು ಪ್ರದೇಶವನ್ನಾಗಿ ಮಾಡುವ ಗುರಿ ಹೊಂದಲಾಗಿದೆ ಎಂದರು. ಈ ಸಂದರ್ಭದಲ್ಲಿ ಹಲವು ಗಣ್ಯರು ಉಪಸ್ಥಿತರಿದ್ದರು.
ಬಾಂಬ್ ಬೆದರಿಕೆ: 2 ಗಂಟೆ ದೆಹಲಿ-ಮುಂಬೈ ವಿಮಾನ ಹಾರಾಟ ವಿಳಂಬ
ನವದೆಹಲಿ: ಇಂದಿರಾ ಗಾಂಧಿ ಅಂತಾರಾಷ್ಟ್ರೀಯ ವಿಮಾನ ನಿಲ್ದಾಣದಲ್ಲಿ ಸಹ ಪ್ರಯಾಣಿಕರೊಬ್ಬರು ತನ್ನ ಬ್ಯಾಗ್‌ನಲ್ಲಿ ಬಾಂಬ್ ಇರುವ ಬಗ್ಗೆ ಮಾತನಾಡುತ್ತಿರುವುದನ್ನು ಕೇಳಿಸಿಕೊಂಡಿರುವುದಾಗಿ ಪ್ರಯಾಣಿಕನೊಬ್ಬ ಹೇಳಿದ ನಂತರ ದೆಹಲಿಯಿಂದ ಮುಂಬೈಗೆ ತೆರಳುವ ವಿಸ್ತಾರಾ ಏರ್‌ಲೈನ್ಸ್ ವಿಮಾನ ಹಾರಾಟದಲ್ಲಿ 2 ಗಂಟೆ ಕಾಲ ವಿಳಂಬವಾಯಿತು. ನಂತರ ಇದು ಹುಸಿ ಬಾಂಬ್ ಬೆದರಿಕೆ ಎಂದು ದೃಢಪಟ್ಟಿದೆ ಎಂದು ಪೊಲೀಸರು ತಿಳಿಸಿದ್ದಾರೆ. ವಿಮಾನದಲ್ಲಿದ್ದ ಎಲ್ಲಾ ಪ್ರಯಾಣಿಕರನ್ನು ಕೆಳಗಿಳಿಸಿ ತಪಾಸಣೆ ನಡೆಸಲಾಯಿತು. ಬಾಂಬ್ ನಿಷ್ಕ್ರಿಯ ದಳ ಹಾಗೂ ಶ್ವಾನದಳ ವಿಮಾನವನ್ನು ಸಂಪೂರ್ಣ ಪರಿಶೀಲನೆ ನಡೆಸಿತು. ಯಾವುದೇ ಅನುಮಾನಾಸ್ಪದ ವಸ್ತು ಪತ್ತೆಯಾಗಿಲ್ಲ. ಬೆದರಿಕೆ ಹಾಕಿದ ವ್ಯಕ್ತಿಯನ್ನು ವಶಕ್ಕೆ ಪಡೆದು ವಿಚಾರಣೆ ನಡೆಸಲಾಗುತ್ತಿದೆ. ತಪಾಸಣೆಯ ನಂತರ ವಿಮಾನ 2 ಗಂಟೆ ವಿಳಂಬವಾಗಿ ಮುಂಬೈಗೆ ಹಾರಾಟ ನಡೆಸಿತು. ದೇಶದಲ್ಲಿ ಇತ್ತೀಚೆಗೆ ಇಂತಹ ಹುಸಿ ಬಾಂಬ್ ಬೆದರಿಕೆ ಪ್ರಕರಣಗಳು ಹೆಚ್ಚುತ್ತಿವೆ ಎಂದು ಅಧಿಕಾರಿಗಳು ಹೇಳಿದ್ದಾರೆ.
Printed by T.S. Gopinath, Published by M. Govinde Gowda on behalf of Academy Newspapers Private Limited, 15-C Industrial 'A' Layout, Bannimantap, Mysore-570 015 and Printed at Academy Newspapers Private Limited, 15-C Industrial 'A' Layout, Bannimantap, Mysore-570 015 and Published at 15-C Industrial 'A' Layout, Bannimantap, Mysore-570 015, Editor: M. Govinde Gowda Ph: 2496520 / 2496521 / 2496526 / 2496527 / 2496528. Fax: 0821-2496525. CITY OFFICES: Visveswaraya Building, III Floor, K.R. CIRCLE, MYSORE-570 001, Ph: 2431774 and No. 114, D. DEVARAJ URS ROAD (Opposite Big Bus), MYSORE-570 001. Ph: 2428695. RNI Reg. No. 36581 / 1980 E-mail address: news@mysurumithra.com For advertisements: ad@mysurumithra.com
